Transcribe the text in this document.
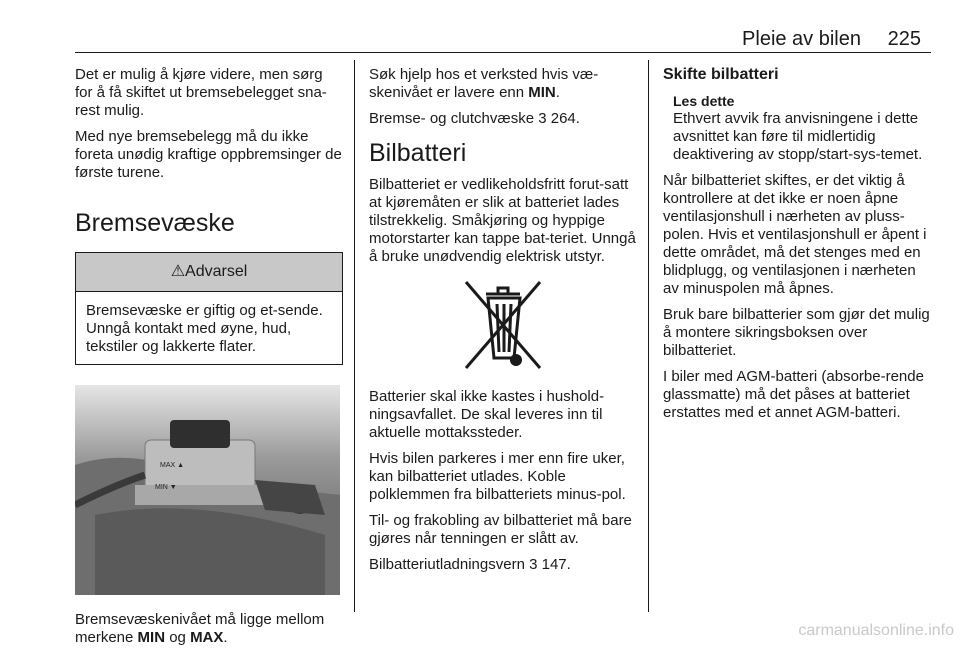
Pleie av bilen 225

Det er mulig å kjøre videre, men sørg for å få skiftet ut bremsebelegget sna-rest mulig.

Med nye bremsebelegg må du ikke foreta unødig kraftige oppbremsinger de første turene.

Bremsevæske
⚠Advarsel
Bremsevæske er giftig og et-sende. Unngå kontakt med øyne, hud, tekstiler og lakkerte flater.
MAX ▲
MIN ▼

Bremsevæskenivået må ligge mellom merkene MIN og MAX.

Søk hjelp hos et verksted hvis væ-skenivået er lavere enn MIN.

Bremse- og clutchvæske 3 264.

Bilbatteri

Bilbatteriet er vedlikeholdsfritt forut-satt at kjøremåten er slik at batteriet lades tilstrekkelig. Småkjøring og hyppige motorstarter kan tappe bat-teriet. Unngå å bruke unødvendig elektrisk utstyr.

Batterier skal ikke kastes i hushold-ningsavfallet. De skal leveres inn til aktuelle mottakssteder.

Hvis bilen parkeres i mer enn fire uker, kan bilbatteriet utlades. Koble polklemmen fra bilbatteriets minus-pol.

Til- og frakobling av bilbatteriet må bare gjøres når tenningen er slått av.

Bilbatteriutladningsvern 3 147.

Skifte bilbatteri
Les dette
Ethvert avvik fra anvisningene i dette avsnittet kan føre til midlertidig deaktivering av stopp/start-sys-temet.

Når bilbatteriet skiftes, er det viktig å kontrollere at det ikke er noen åpne ventilasjonshull i nærheten av pluss-polen. Hvis et ventilasjonshull er åpent i dette området, må det stenges med en blidplugg, og ventilasjonen i nærheten av minuspolen må åpnes.

Bruk bare bilbatterier som gjør det mulig å montere sikringsboksen over bilbatteriet.

I biler med AGM-batteri (absorbe-rende glassmatte) må det påses at batteriet erstattes med et annet AGM-batteri.

carmanualsonline.info
